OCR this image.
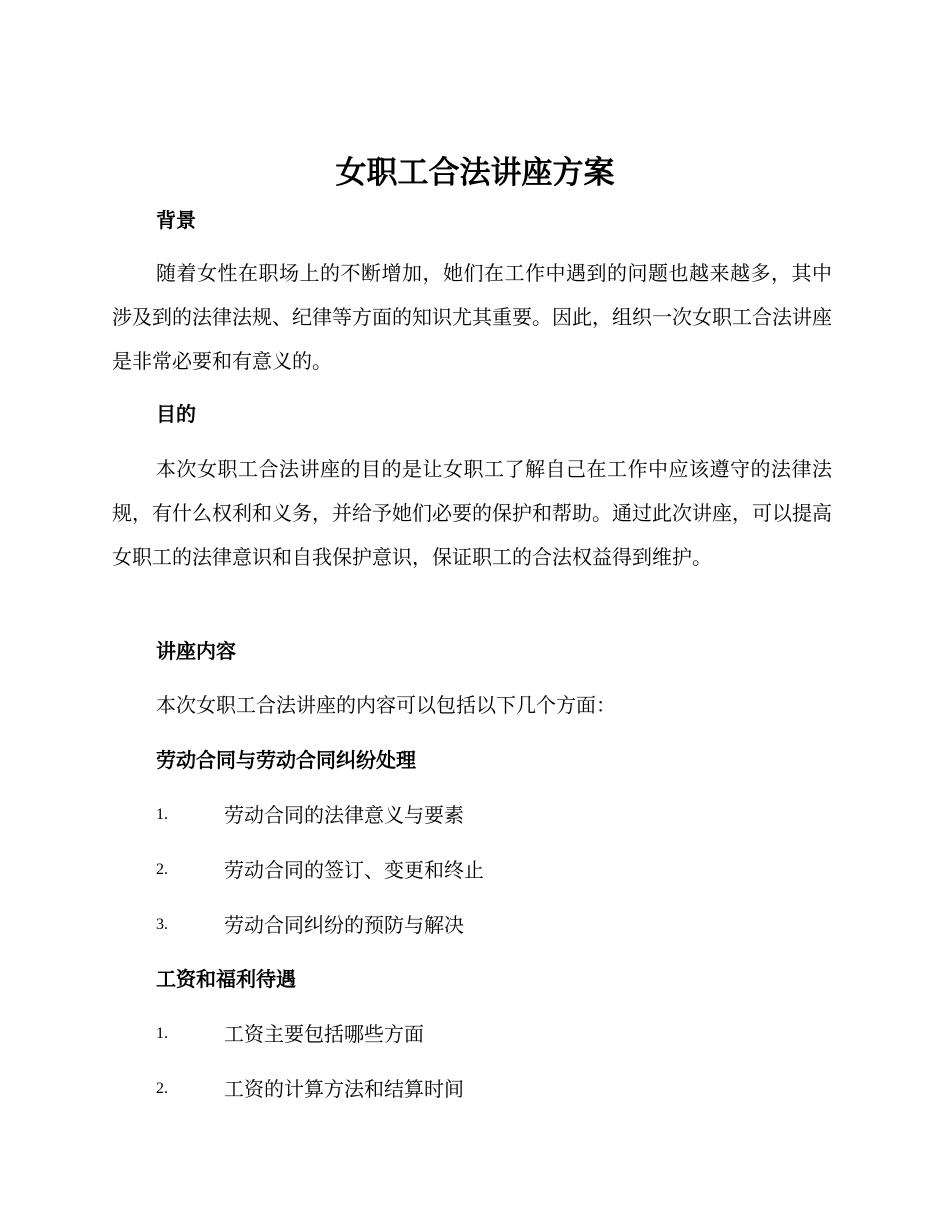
女职工合法讲座方案
背景

随着女性在职场上的不断增加，她们在工作中遇到的问题也越来越多，其中涉及到的法律法规、纪律等方面的知识尤其重要。因此，组织一次女职工合法讲座是非常必要和有意义的。

目的

本次女职工合法讲座的目的是让女职工了解自己在工作中应该遵守的法律法规，有什么权利和义务，并给予她们必要的保护和帮助。通过此次讲座，可以提高女职工的法律意识和自我保护意识，保证职工的合法权益得到维护。

讲座内容

本次女职工合法讲座的内容可以包括以下几个方面：

劳动合同与劳动合同纠纷处理
1.	劳动合同的法律意义与要素
2.	劳动合同的签订、变更和终止
3.	劳动合同纠纷的预防与解决
工资和福利待遇
1.	工资主要包括哪些方面
2.	工资的计算方法和结算时间
